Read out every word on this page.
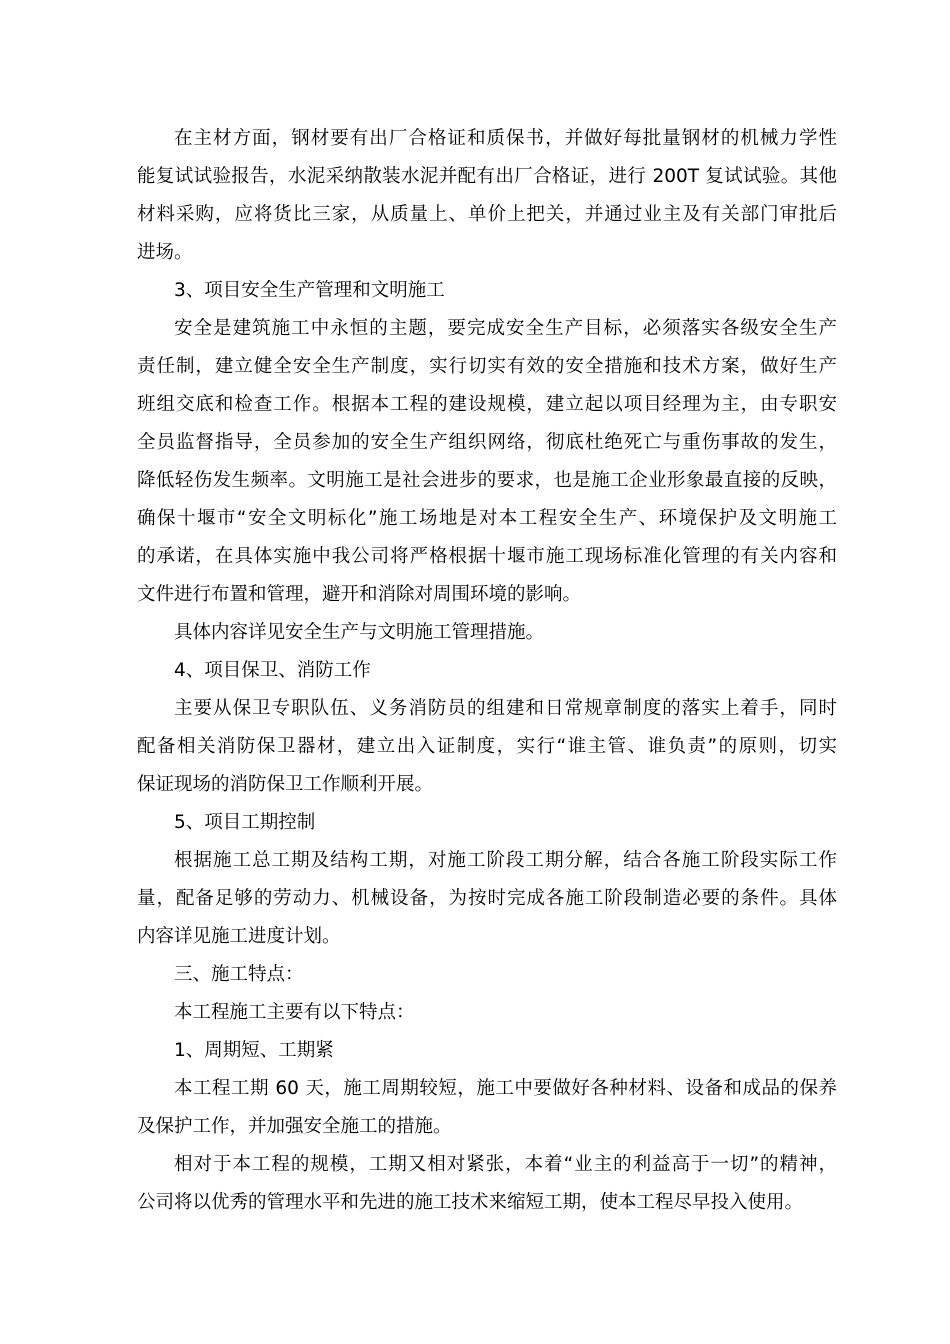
在主材方面，钢材要有出厂合格证和质保书，并做好每批量钢材的机械力学性
能复试试验报告，水泥采纳散装水泥并配有出厂合格证，进行 200T 复试试验。其他
材料采购，应将货比三家，从质量上、单价上把关，并通过业主及有关部门审批后
进场。
3、项目安全生产管理和文明施工
安全是建筑施工中永恒的主题，要完成安全生产目标，必须落实各级安全生产
责任制，建立健全安全生产制度，实行切实有效的安全措施和技术方案，做好生产
班组交底和检查工作。根据本工程的建设规模，建立起以项目经理为主，由专职安
全员监督指导，全员参加的安全生产组织网络，彻底杜绝死亡与重伤事故的发生，
降低轻伤发生频率。文明施工是社会进步的要求，也是施工企业形象最直接的反映，
确保十堰市“安全文明标化”施工场地是对本工程安全生产、环境保护及文明施工
的承诺，在具体实施中我公司将严格根据十堰市施工现场标准化管理的有关内容和
文件进行布置和管理，避开和消除对周围环境的影响。
具体内容详见安全生产与文明施工管理措施。
4、项目保卫、消防工作
主要从保卫专职队伍、义务消防员的组建和日常规章制度的落实上着手，同时
配备相关消防保卫器材，建立出入证制度，实行“谁主管、谁负责”的原则，切实
保证现场的消防保卫工作顺利开展。
5、项目工期控制
根据施工总工期及结构工期，对施工阶段工期分解，结合各施工阶段实际工作
量，配备足够的劳动力、机械设备，为按时完成各施工阶段制造必要的条件。具体
内容详见施工进度计划。
三、施工特点：
本工程施工主要有以下特点：
1、周期短、工期紧
本工程工期 60 天，施工周期较短，施工中要做好各种材料、设备和成品的保养
及保护工作，并加强安全施工的措施。
相对于本工程的规模，工期又相对紧张，本着“业主的利益高于一切”的精神，
公司将以优秀的管理水平和先进的施工技术来缩短工期，使本工程尽早投入使用。
